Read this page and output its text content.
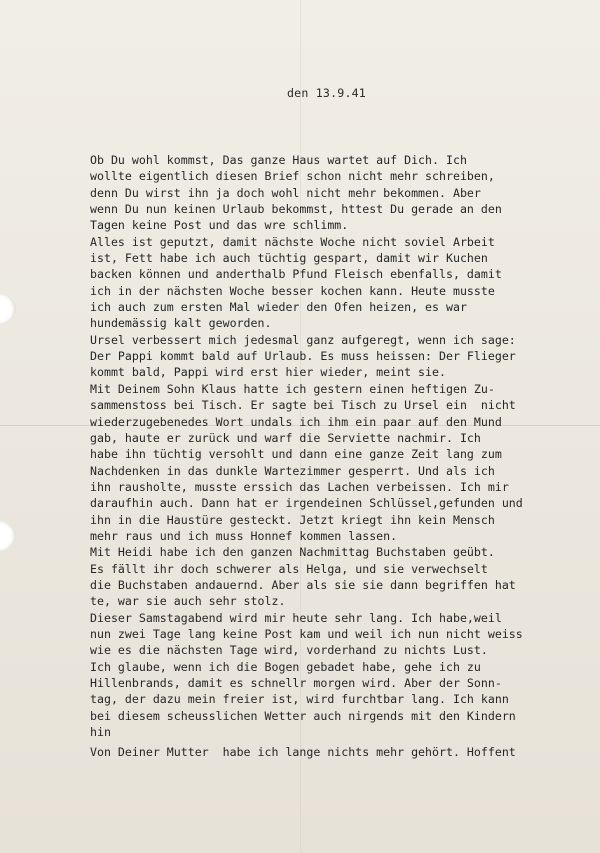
den 13.9.41
Ob Du wohl kommst, Das ganze Haus wartet auf Dich. Ich
wollte eigentlich diesen Brief schon nicht mehr schreiben,
denn Du wirst ihn ja doch wohl nicht mehr bekommen. Aber
wenn Du nun keinen Urlaub bekommst, httest Du gerade an den
Tagen keine Post und das wre schlimm.
Alles ist geputzt, damit nächste Woche nicht soviel Arbeit
ist, Fett habe ich auch tüchtig gespart, damit wir Kuchen
backen können und anderthalb Pfund Fleisch ebenfalls, damit
ich in der nächsten Woche besser kochen kann. Heute musste
ich auch zum ersten Mal wieder den Ofen heizen, es war
hundemässig kalt geworden.
Ursel verbessert mich jedesmal ganz aufgeregt, wenn ich sage:
Der Pappi kommt bald auf Urlaub. Es muss heissen: Der Flieger
kommt bald, Pappi wird erst hier wieder, meint sie.
Mit Deinem Sohn Klaus hatte ich gestern einen heftigen Zu-
sammenstoss bei Tisch. Er sagte bei Tisch zu Ursel ein  nicht
wiederzugebenedes Wort undals ich ihm ein paar auf den Mund
gab, haute er zurück und warf die Serviette nachmir. Ich
habe ihn tüchtig versohlt und dann eine ganze Zeit lang zum
Nachdenken in das dunkle Wartezimmer gesperrt. Und als ich
ihn rausholte, musste erssich das Lachen verbeissen. Ich mir
daraufhin auch. Dann hat er irgendeinen Schlüssel,gefunden und
ihn in die Haustüre gesteckt. Jetzt kriegt ihn kein Mensch
mehr raus und ich muss Honnef kommen lassen.
Mit Heidi habe ich den ganzen Nachmittag Buchstaben geübt.
Es fällt ihr doch schwerer als Helga, und sie verwechselt
die Buchstaben andauernd. Aber als sie sie dann begriffen hat
te, war sie auch sehr stolz.
Dieser Samstagabend wird mir heute sehr lang. Ich habe,weil
nun zwei Tage lang keine Post kam und weil ich nun nicht weiss
wie es die nächsten Tage wird, vorderhand zu nichts Lust.
Ich glaube, wenn ich die Bogen gebadet habe, gehe ich zu
Hillenbrands, damit es schnellr morgen wird. Aber der Sonn-
tag, der dazu mein freier ist, wird furchtbar lang. Ich kann
bei diesem scheusslichen Wetter auch nirgends mit den Kindern
hin
Von Deiner Mutter  habe ich lange nichts mehr gehört. Hoffent
